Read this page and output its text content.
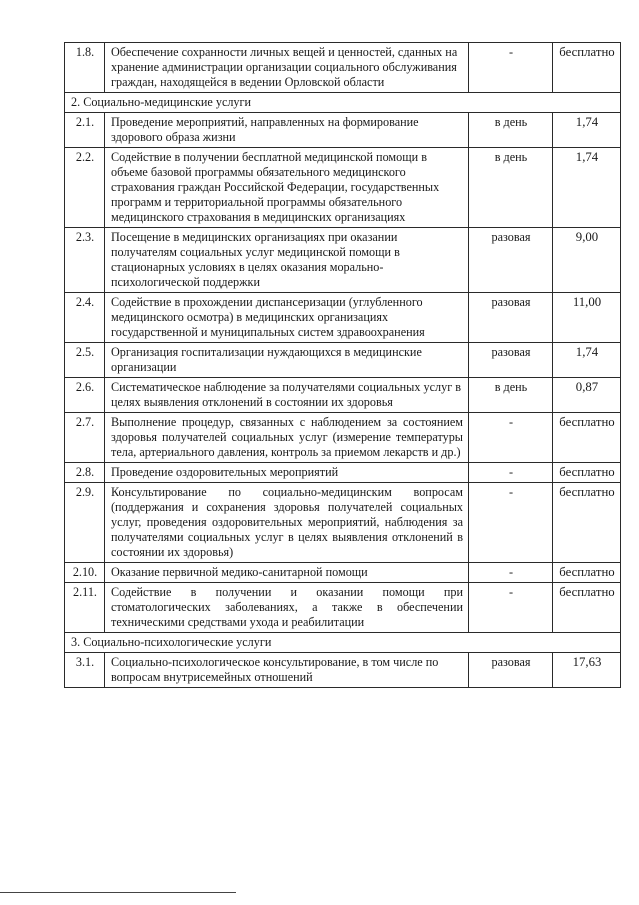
1.8.	Обеспечение сохранности личных вещей и ценностей, сданных на хранение администрации организации социального обслуживания граждан, находящейся в ведении Орловской области	-	бесплатно
2. Социально-медицинские услуги			
2.1.	Проведение мероприятий, направленных на формирование здорового образа жизни	в день	1,74
2.2.	Содействие в получении бесплатной медицинской помощи в объеме базовой программы обязательного медицинского страхования граждан Российской Федерации, государственных программ и территориальной программы обязательного медицинского страхования в медицинских организациях	в день	1,74
2.3.	Посещение в медицинских организациях при оказании получателям социальных услуг медицинской помощи в стационарных условиях в целях оказания морально-психологической поддержки	разовая	9,00
2.4.	Содействие в прохождении диспансеризации (углубленного медицинского осмотра) в медицинских организациях государственной и муниципальных систем здравоохранения	разовая	11,00
2.5.	Организация госпитализации нуждающихся в медицинские организации	разовая	1,74
2.6.	Систематическое наблюдение за получателями социальных услуг в целях выявления отклонений в состоянии их здоровья	в день	0,87
2.7.	Выполнение процедур, связанных с наблюдением за состоянием здоровья получателей социальных услуг (измерение температуры тела, артериального давления, контроль за приемом лекарств и др.)	-	бесплатно
2.8.	Проведение оздоровительных мероприятий	-	бесплатно
2.9.	Консультирование по социально-медицинским вопросам (поддержания и сохранения здоровья получателей социальных услуг, проведения оздоровительных мероприятий, наблюдения за получателями социальных услуг в целях выявления отклонений в состоянии их здоровья)	-	бесплатно
2.10.	Оказание первичной медико-санитарной помощи	-	бесплатно
2.11.	Содействие в получении и оказании помощи при стоматологических заболеваниях, а также в обеспечении техническими средствами ухода и реабилитации	-	бесплатно
3. Социально-психологические услуги			
3.1.	Социально-психологическое консультирование, в том числе по вопросам внутрисемейных отношений	разовая	17,63
